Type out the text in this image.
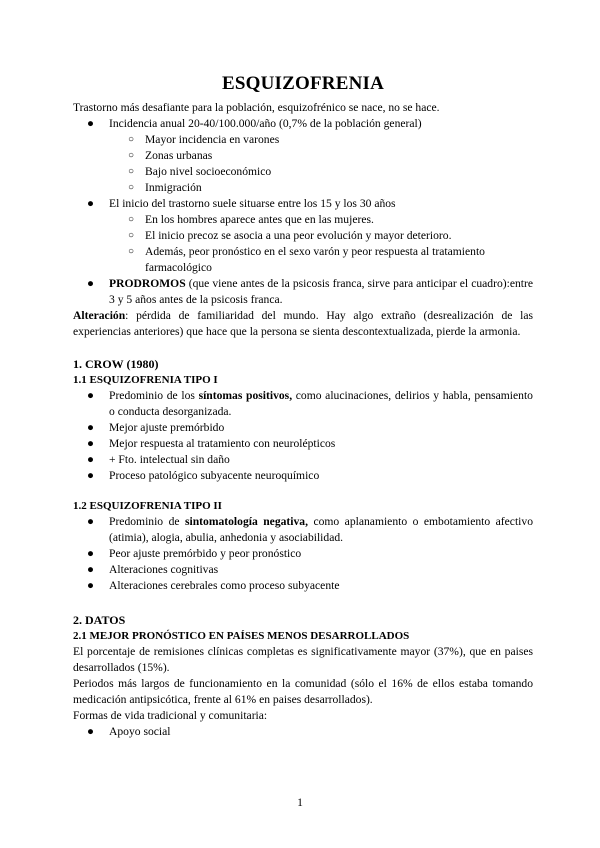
ESQUIZOFRENIA

Trastorno más desafiante para la población, esquizofrénico se nace, no se hace.

● Incidencia anual 20-40/100.000/año (0,7% de la población general)
○ Mayor incidencia en varones
○ Zonas urbanas
○ Bajo nivel socioeconómico
○ Inmigración
● El inicio del trastorno suele situarse entre los 15 y los 30 años
○ En los hombres aparece antes que en las mujeres.
○ El inicio precoz se asocia a una peor evolución y mayor deterioro.
○ Además, peor pronóstico en el sexo varón y peor respuesta al tratamiento farmacológico
● PRODROMOS (que viene antes de la psicosis franca, sirve para anticipar el cuadro):entre 3 y 5 años antes de la psicosis franca.

Alteración: pérdida de familiaridad del mundo. Hay algo extraño (desrealización de las experiencias anteriores) que hace que la persona se sienta descontextualizada, pierde la armonia.

1. CROW (1980)
1.1 ESQUIZOFRENIA TIPO I
● Predominio de los síntomas positivos, como alucinaciones, delirios y habla, pensamiento o conducta desorganizada.
● Mejor ajuste premórbido
● Mejor respuesta al tratamiento con neurolépticos
● + Fto. intelectual sin daño
● Proceso patológico subyacente neuroquímico
1.2 ESQUIZOFRENIA TIPO II
● Predominio de sintomatología negativa, como aplanamiento o embotamiento afectivo (atimia), alogia, abulia, anhedonia y asociabilidad.
● Peor ajuste premórbido y peor pronóstico
● Alteraciones cognitivas
● Alteraciones cerebrales como proceso subyacente
2. DATOS
2.1 MEJOR PRONÓSTICO EN PAÍSES MENOS DESARROLLADOS

El porcentaje de remisiones clínicas completas es significativamente mayor (37%), que en paises desarrollados (15%).

Periodos más largos de funcionamiento en la comunidad (sólo el 16% de ellos estaba tomando medicación antipsicótica, frente al 61% en paises desarrollados).

Formas de vida tradicional y comunitaria:

● Apoyo social
1
